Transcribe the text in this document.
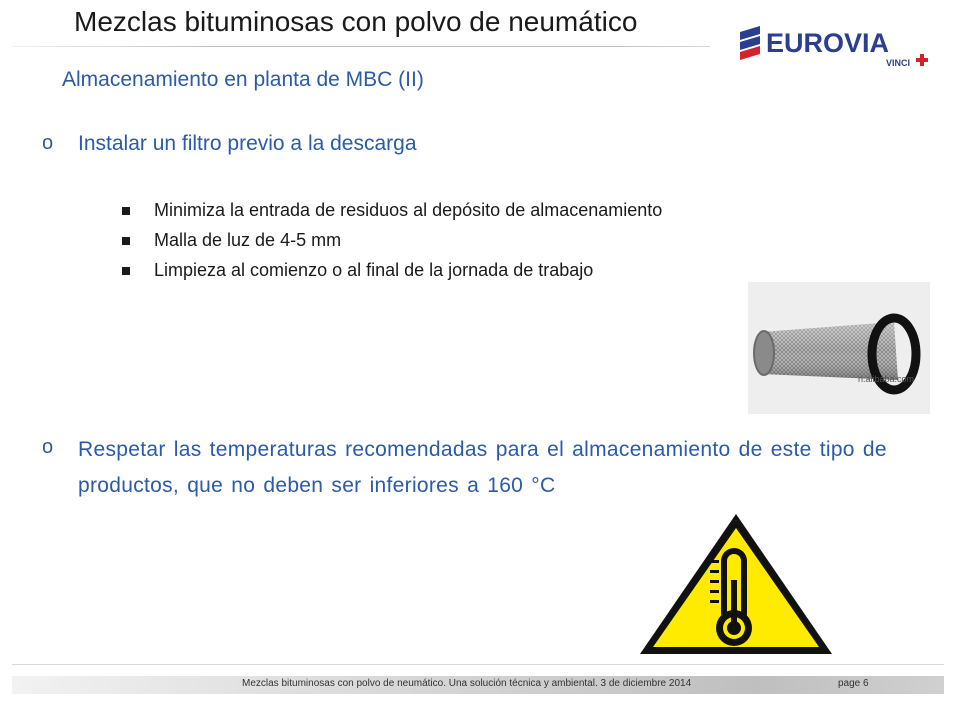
Mezclas bituminosas con polvo de neumático
Almacenamiento en planta de MBC (II)
EUROVIA
VINCI
o Instalar un filtro previo a la descarga
Minimiza la entrada de residuos al depósito de almacenamiento
Malla de luz de 4-5 mm
Limpieza al comienzo o al final de la jornada de trabajo
n.alibaba.com
o Respetar las temperaturas recomendadas para el almacenamiento de este tipo de productos, que no deben ser inferiores a 160 °C
Mezclas bituminosas con polvo de neumático. Una solución técnica y ambiental. 3 de diciembre 2014	page 6
